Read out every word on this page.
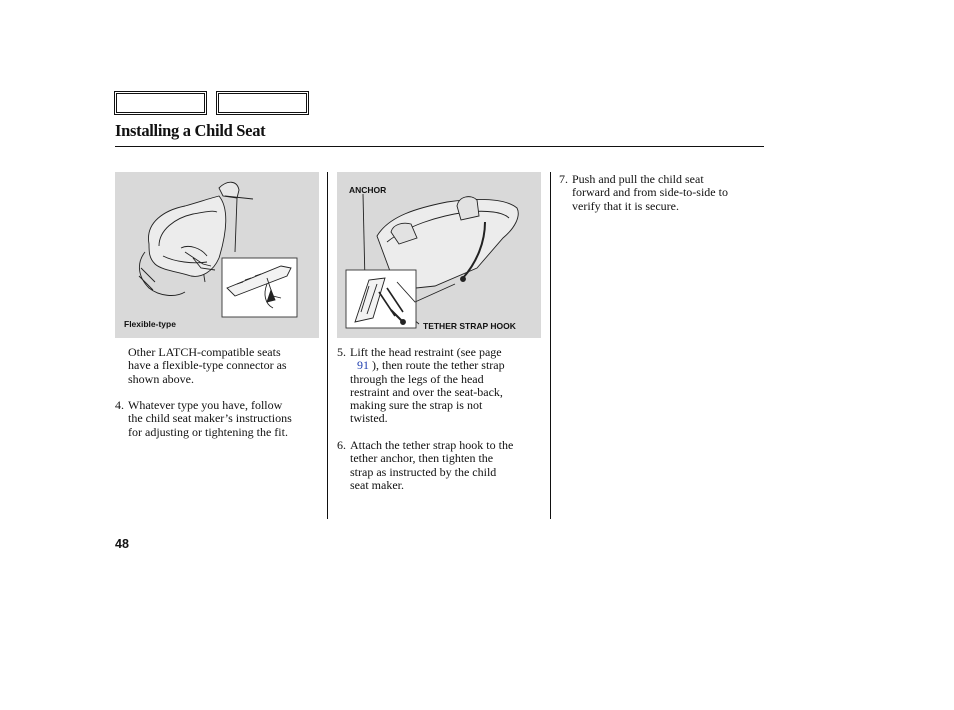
Installing a Child Seat
Flexible-type
ANCHOR
TETHER STRAP HOOK
Other LATCH-compatible seats
have a flexible-type connector as
shown above.
4. Whatever type you have, follow
the child seat maker’s instructions
for adjusting or tightening the fit.
5. Lift the head restraint (see page
91 ), then route the tether strap
through the legs of the head
restraint and over the seat-back,
making sure the strap is not
twisted.
6. Attach the tether strap hook to the
tether anchor, then tighten the
strap as instructed by the child
seat maker.
7. Push and pull the child seat
forward and from side-to-side to
verify that it is secure.
48
